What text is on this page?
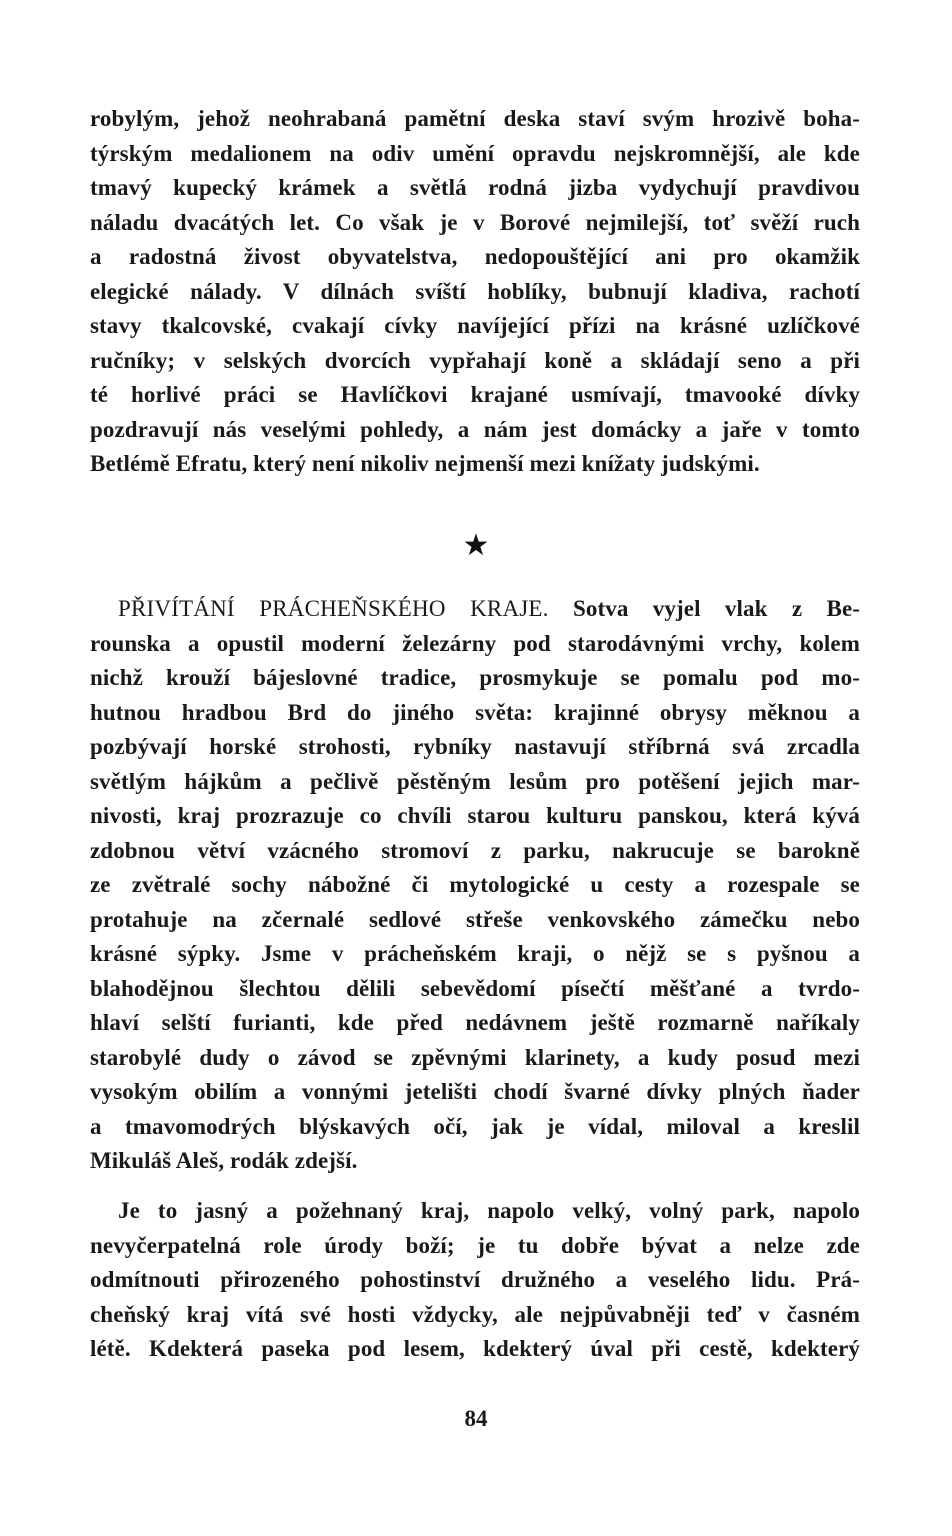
robylým, jehož neohrabaná pamětní deska staví svým hrozivě boha-
týrským medalionem na odiv umění opravdu nejskromnější, ale kde
tmavý kupecký krámek a světlá rodná jizba vydychují pravdivou
náladu dvacátých let. Co však je v Borové nejmilejší, toť svěží ruch
a radostná živost obyvatelstva, nedopouštějící ani pro okamžik
elegické nálady. V dílnách svíští hoblíky, bubnují kladiva, rachotí
stavy tkalcovské, cvakají cívky navíjející přízi na krásné uzlíčkové
ručníky; v selských dvorcích vypřahají koně a skládají seno a při
té horlivé práci se Havlíčkovi krajané usmívají, tmavooké dívky
pozdravují nás veselými pohledy, a nám jest domácky a jaře v tomto
Betlémě Efratu, který není nikoliv nejmenší mezi knížaty judskými.
★
PŘIVÍTÁNÍ PRÁCHEŇSKÉHO KRAJE. Sotva vyjel vlak z Be-
rounska a opustil moderní železárny pod starodávnými vrchy, kolem
nichž krouží bájeslovné tradice, prosmykuje se pomalu pod mo-
hutnou hradbou Brd do jiného světa: krajinné obrysy měknou a
pozbývají horské strohosti, rybníky nastavují stříbrná svá zrcadla
světlým hájkům a pečlivě pěstěným lesům pro potěšení jejich mar-
nivosti, kraj prozrazuje co chvíli starou kulturu panskou, která kývá
zdobnou větví vzácného stromoví z parku, nakrucuje se barokně
ze zvětralé sochy nábožné či mytologické u cesty a rozespale se
protahuje na zčernalé sedlové střeše venkovského zámečku nebo
krásné sýpky. Jsme v prácheňském kraji, o nějž se s pyšnou a
blahodějnou šlechtou dělili sebevědomí písečtí měšťané a tvrdo-
hlaví selští furianti, kde před nedávnem ještě rozmarně naříkaly
starobylé dudy o závod se zpěvnými klarinety, a kudy posud mezi
vysokým obilím a vonnými jetelišti chodí švarné dívky plných ňader
a tmavomodrých blýskavých očí, jak je vídal, miloval a kreslil
Mikuláš Aleš, rodák zdejší.
Je to jasný a požehnaný kraj, napolo velký, volný park, napolo
nevyčerpatelná role úrody boží; je tu dobře bývat a nelze zde
odmítnouti přirozeného pohostinství družného a veselého lidu. Prá-
cheňský kraj vítá své hosti vždycky, ale nejpůvabněji teď v časném
létě. Kdekterá paseka pod lesem, kdekterý úval při cestě, kdekterý
84
